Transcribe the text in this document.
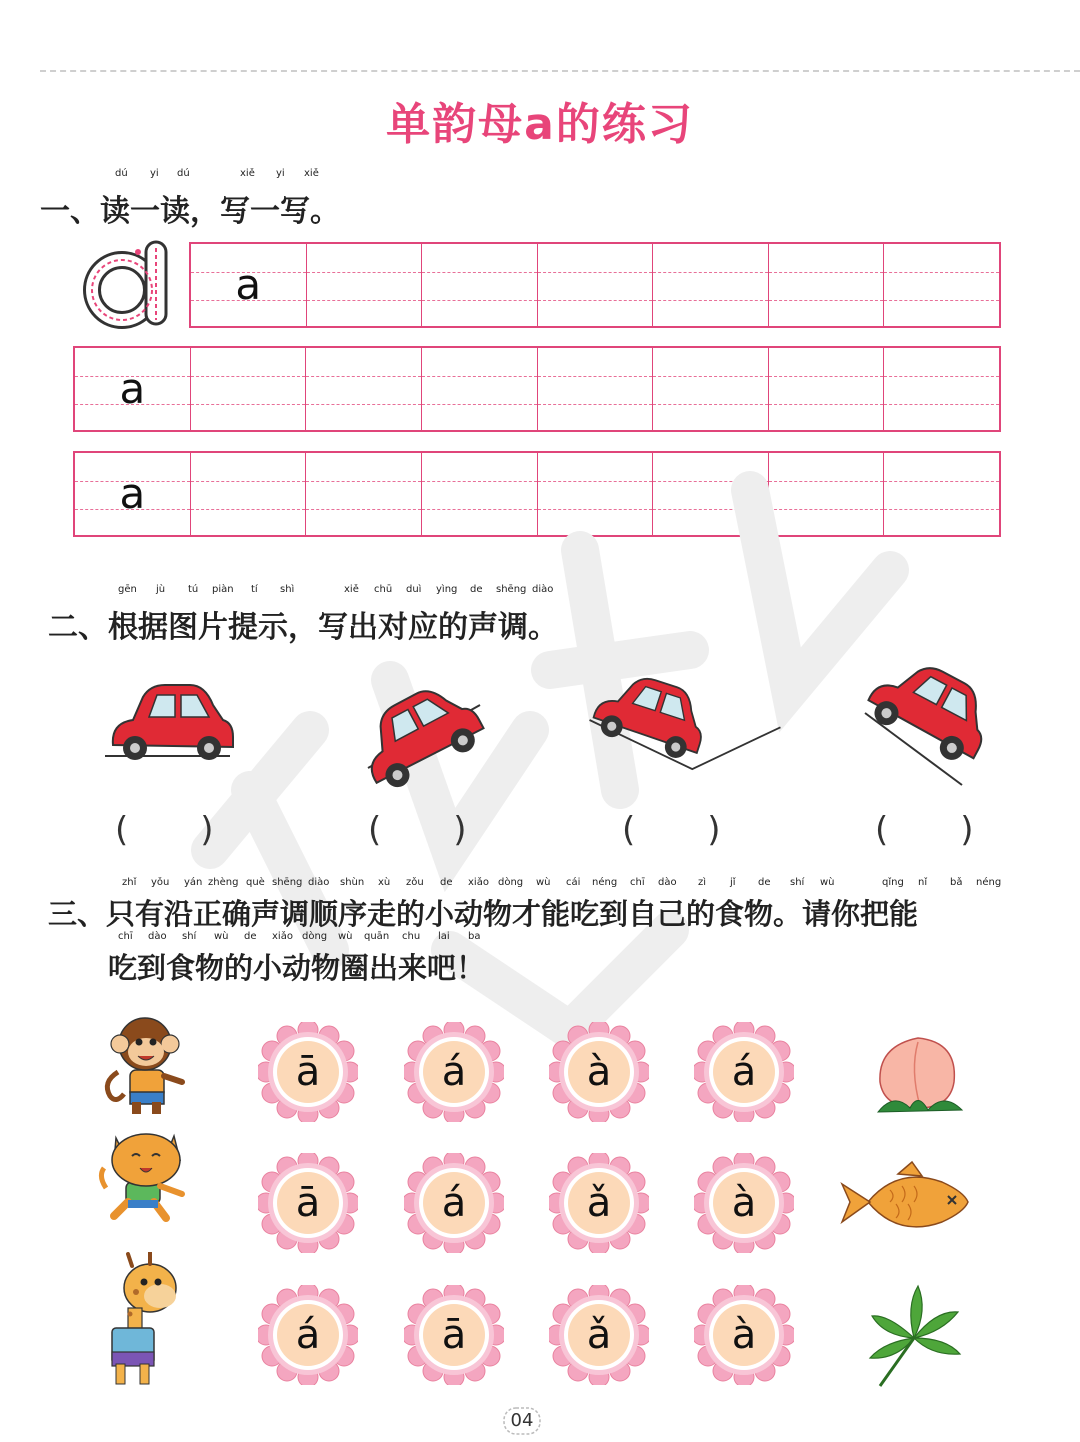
单韵母a的练习
dú yi dú	xiě yi xiě
一、读一读，写一写。
a
a
a
gēn jù tú piàn tí shì	xiě chū duì yìng de shēng diào
二、根据图片提示，写出对应的声调。
( )	( )	( )	( )
三、只有沿正确声调顺序走的小动物才能吃到自己的食物。请你把能
zhǐ yǒu yán zhèng què shēng diào shùn xù zǒu de xiǎo dòng wù cái néng chī dào zì jǐ de shí wù	qǐng nǐ bǎ néng
吃到食物的小动物圈出来吧！
chī dào shí wù de xiǎo dòng wù quān chu lai ba
ā	á	à	á
ā	á	ǎ	à
á	ā	ǎ	à
04
